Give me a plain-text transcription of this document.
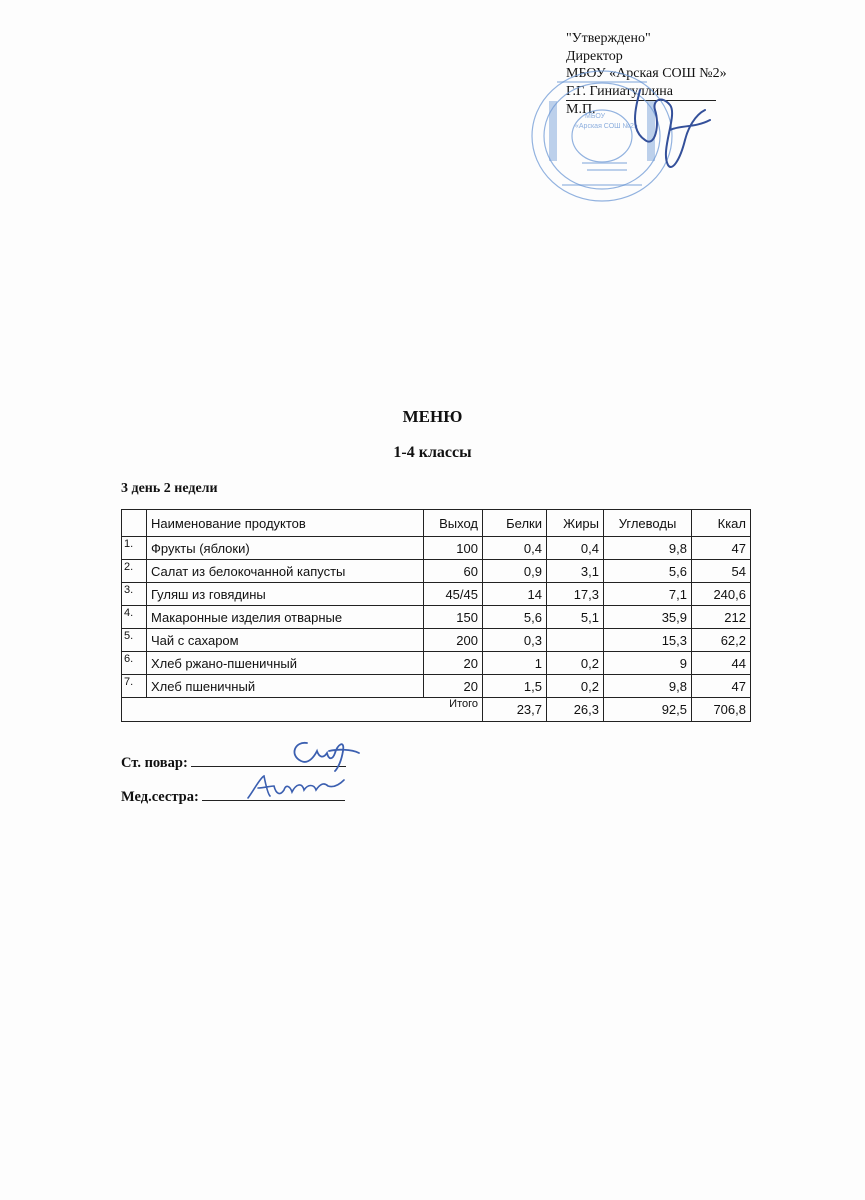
"Утверждено"
Директор
МБОУ «Арская СОШ №2»
Г.Г. Гиниатуллина
М.П.
МБОУ
«Арская СОШ №2»
МЕНЮ
1-4 классы
3 день 2 недели
	Наименование продуктов	Выход	Белки	Жиры	Углеводы	Ккал
1.	Фрукты (яблоки)	100	0,4	0,4	9,8	47
2.	Салат из белокочанной капусты	60	0,9	3,1	5,6	54
3.	Гуляш из говядины	45/45	14	17,3	7,1	240,6
4.	Макаронные изделия отварные	150	5,6	5,1	35,9	212
5.	Чай с сахаром	200	0,3		15,3	62,2
6.	Хлеб ржано-пшеничный	20	1	0,2	9	44
7.	Хлеб пшеничный	20	1,5	0,2	9,8	47
Итого			23,7	26,3	92,5	706,8
Ст. повар:
Мед.сестра:
